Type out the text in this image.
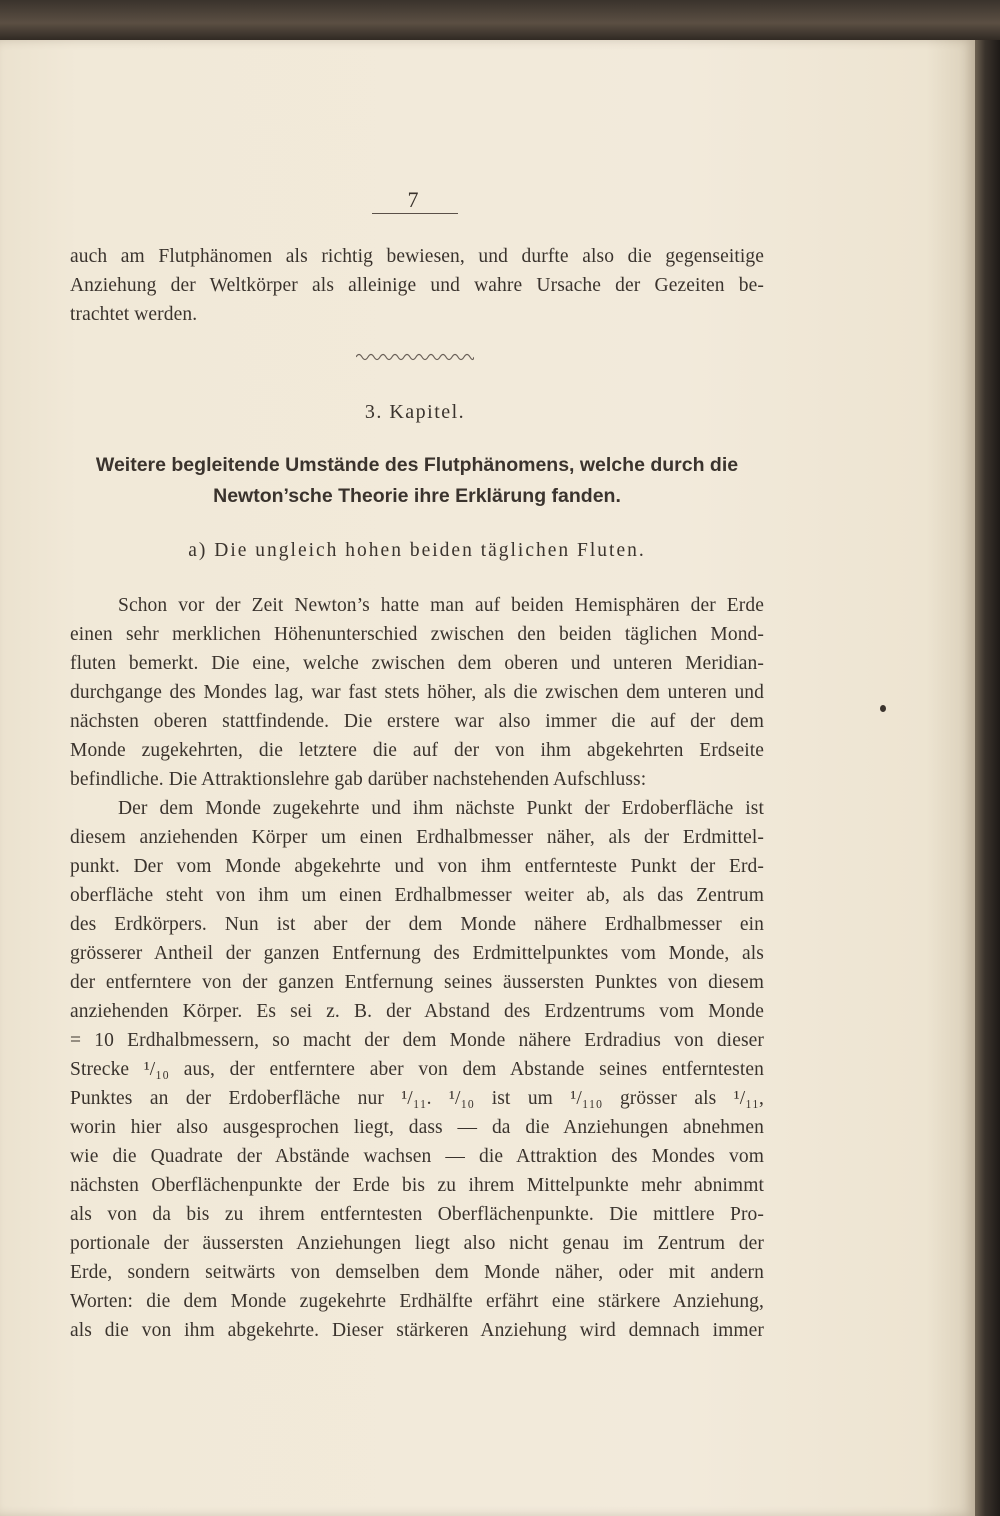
7
auch am Flutphänomen als richtig bewiesen, und durfte also die gegenseitige
Anziehung der Weltkörper als alleinige und wahre Ursache der Gezeiten be-
trachtet werden.
3. Kapitel.
Weitere begleitende Umstände des Flutphänomens, welche durch die
Newton’sche Theorie ihre Erklärung fanden.
a) Die ungleich hohen beiden täglichen Fluten.
Schon vor der Zeit Newton’s hatte man auf beiden Hemisphären der Erde
einen sehr merklichen Höhenunterschied zwischen den beiden täglichen Mond-
fluten bemerkt. Die eine, welche zwischen dem oberen und unteren Meridian-
durchgange des Mondes lag, war fast stets höher, als die zwischen dem unteren und
nächsten oberen stattfindende. Die erstere war also immer die auf der dem
Monde zugekehrten, die letztere die auf der von ihm abgekehrten Erdseite
befindliche. Die Attraktionslehre gab darüber nachstehenden Aufschluss:
Der dem Monde zugekehrte und ihm nächste Punkt der Erdoberfläche ist
diesem anziehenden Körper um einen Erdhalbmesser näher, als der Erdmittel-
punkt. Der vom Monde abgekehrte und von ihm entfernteste Punkt der Erd-
oberfläche steht von ihm um einen Erdhalbmesser weiter ab, als das Zentrum
des Erdkörpers. Nun ist aber der dem Monde nähere Erdhalbmesser ein
grösserer Antheil der ganzen Entfernung des Erdmittelpunktes vom Monde, als
der entferntere von der ganzen Entfernung seines äussersten Punktes von diesem
anziehenden Körper. Es sei z. B. der Abstand des Erdzentrums vom Monde
= 10 Erdhalbmessern, so macht der dem Monde nähere Erdradius von dieser
Strecke ¹/₁₀ aus, der entferntere aber von dem Abstande seines entferntesten
Punktes an der Erdoberfläche nur ¹/₁₁. ¹/₁₀ ist um ¹/₁₁₀ grösser als ¹/₁₁,
worin hier also ausgesprochen liegt, dass — da die Anziehungen abnehmen
wie die Quadrate der Abstände wachsen — die Attraktion des Mondes vom
nächsten Oberflächenpunkte der Erde bis zu ihrem Mittelpunkte mehr abnimmt
als von da bis zu ihrem entferntesten Oberflächenpunkte. Die mittlere Pro-
portionale der äussersten Anziehungen liegt also nicht genau im Zentrum der
Erde, sondern seitwärts von demselben dem Monde näher, oder mit andern
Worten: die dem Monde zugekehrte Erdhälfte erfährt eine stärkere Anziehung,
als die von ihm abgekehrte. Dieser stärkeren Anziehung wird demnach immer
